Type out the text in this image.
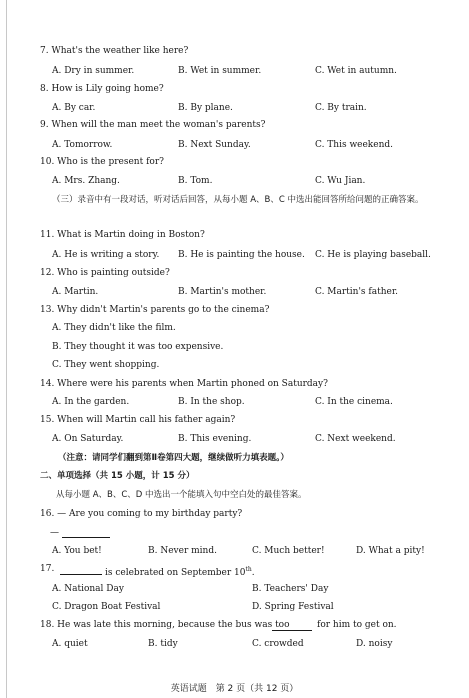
7. What's the weather like here?
A. Dry in summer.	B. Wet in summer.	C. Wet in autumn.
8. How is Lily going home?
A. By car.	B. By plane.	C. By train.
9. When will the man meet the woman's parents?
A. Tomorrow.	B. Next Sunday.	C. This weekend.
10. Who is the present for?
A. Mrs. Zhang.	B. Tom.	C. Wu Jian.
（三）录音中有一段对话，听对话后回答，从每小题 A、B、C 中选出能回答所给问题的正确答案。
11. What is Martin doing in Boston?
A. He is writing a story. B. He is painting the house. C. He is playing baseball.
12. Who is painting outside?
A. Martin.	B. Martin's mother.	C. Martin's father.
13. Why didn't Martin's parents go to the cinema?
A. They didn't like the film.
B. They thought it was too expensive.
C. They went shopping.
14. Where were his parents when Martin phoned on Saturday?
A. In the garden.	B. In the shop.	C. In the cinema.
15. When will Martin call his father again?
A. On Saturday.	B. This evening.	C. Next weekend.
（注意：请同学们翻到第Ⅱ卷第四大题，继续做听力填表题。）
二、单项选择（共 15 小题，计 15 分）
从每小题 A、B、C、D 中选出一个能填入句中空白处的最佳答案。
16. — Are you coming to my birthday party?
—
A. You bet!	B. Never mind.	C. Much better!	D. What a pity!
17.	is celebrated on September 10th.
A. National Day	B. Teachers' Day
C. Dragon Boat Festival	D. Spring Festival
18. He was late this morning, because the bus was too	for him to get on.
A. quiet	B. tidy	C. crowded	D. noisy
英语试题　第 2 页（共 12 页）
